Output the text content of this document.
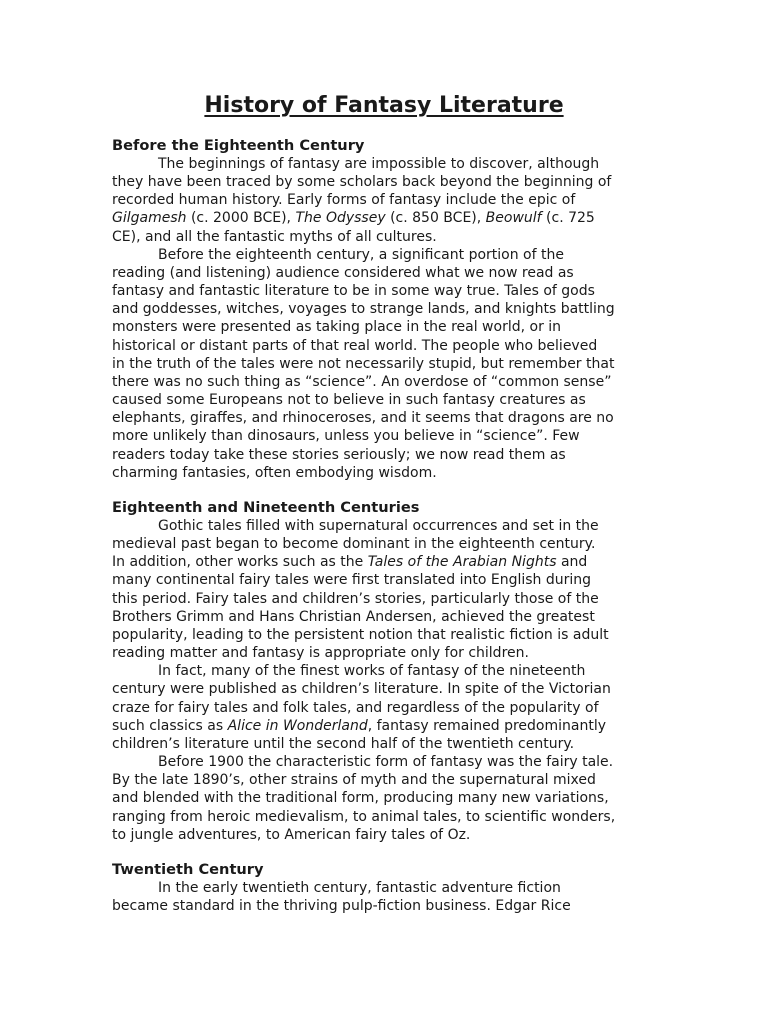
History of Fantasy Literature
Before the Eighteenth Century

The beginnings of fantasy are impossible to discover, although
they have been traced by some scholars back beyond the beginning of
recorded human history. Early forms of fantasy include the epic of
Gilgamesh (c. 2000 BCE), The Odyssey (c. 850 BCE), Beowulf (c. 725
CE), and all the fantastic myths of all cultures.

Before the eighteenth century, a significant portion of the
reading (and listening) audience considered what we now read as
fantasy and fantastic literature to be in some way true. Tales of gods
and goddesses, witches, voyages to strange lands, and knights battling
monsters were presented as taking place in the real world, or in
historical or distant parts of that real world. The people who believed
in the truth of the tales were not necessarily stupid, but remember that
there was no such thing as “science”. An overdose of “common sense”
caused some Europeans not to believe in such fantasy creatures as
elephants, giraffes, and rhinoceroses, and it seems that dragons are no
more unlikely than dinosaurs, unless you believe in “science”. Few
readers today take these stories seriously; we now read them as
charming fantasies, often embodying wisdom.

Eighteenth and Nineteenth Centuries

Gothic tales filled with supernatural occurrences and set in the
medieval past began to become dominant in the eighteenth century.
In addition, other works such as the Tales of the Arabian Nights and
many continental fairy tales were first translated into English during
this period. Fairy tales and children’s stories, particularly those of the
Brothers Grimm and Hans Christian Andersen, achieved the greatest
popularity, leading to the persistent notion that realistic fiction is adult
reading matter and fantasy is appropriate only for children.

In fact, many of the finest works of fantasy of the nineteenth
century were published as children’s literature. In spite of the Victorian
craze for fairy tales and folk tales, and regardless of the popularity of
such classics as Alice in Wonderland, fantasy remained predominantly
children’s literature until the second half of the twentieth century.

Before 1900 the characteristic form of fantasy was the fairy tale.
By the late 1890’s, other strains of myth and the supernatural mixed
and blended with the traditional form, producing many new variations,
ranging from heroic medievalism, to animal tales, to scientific wonders,
to jungle adventures, to American fairy tales of Oz.

Twentieth Century

In the early twentieth century, fantastic adventure fiction
became standard in the thriving pulp-fiction business. Edgar Rice
